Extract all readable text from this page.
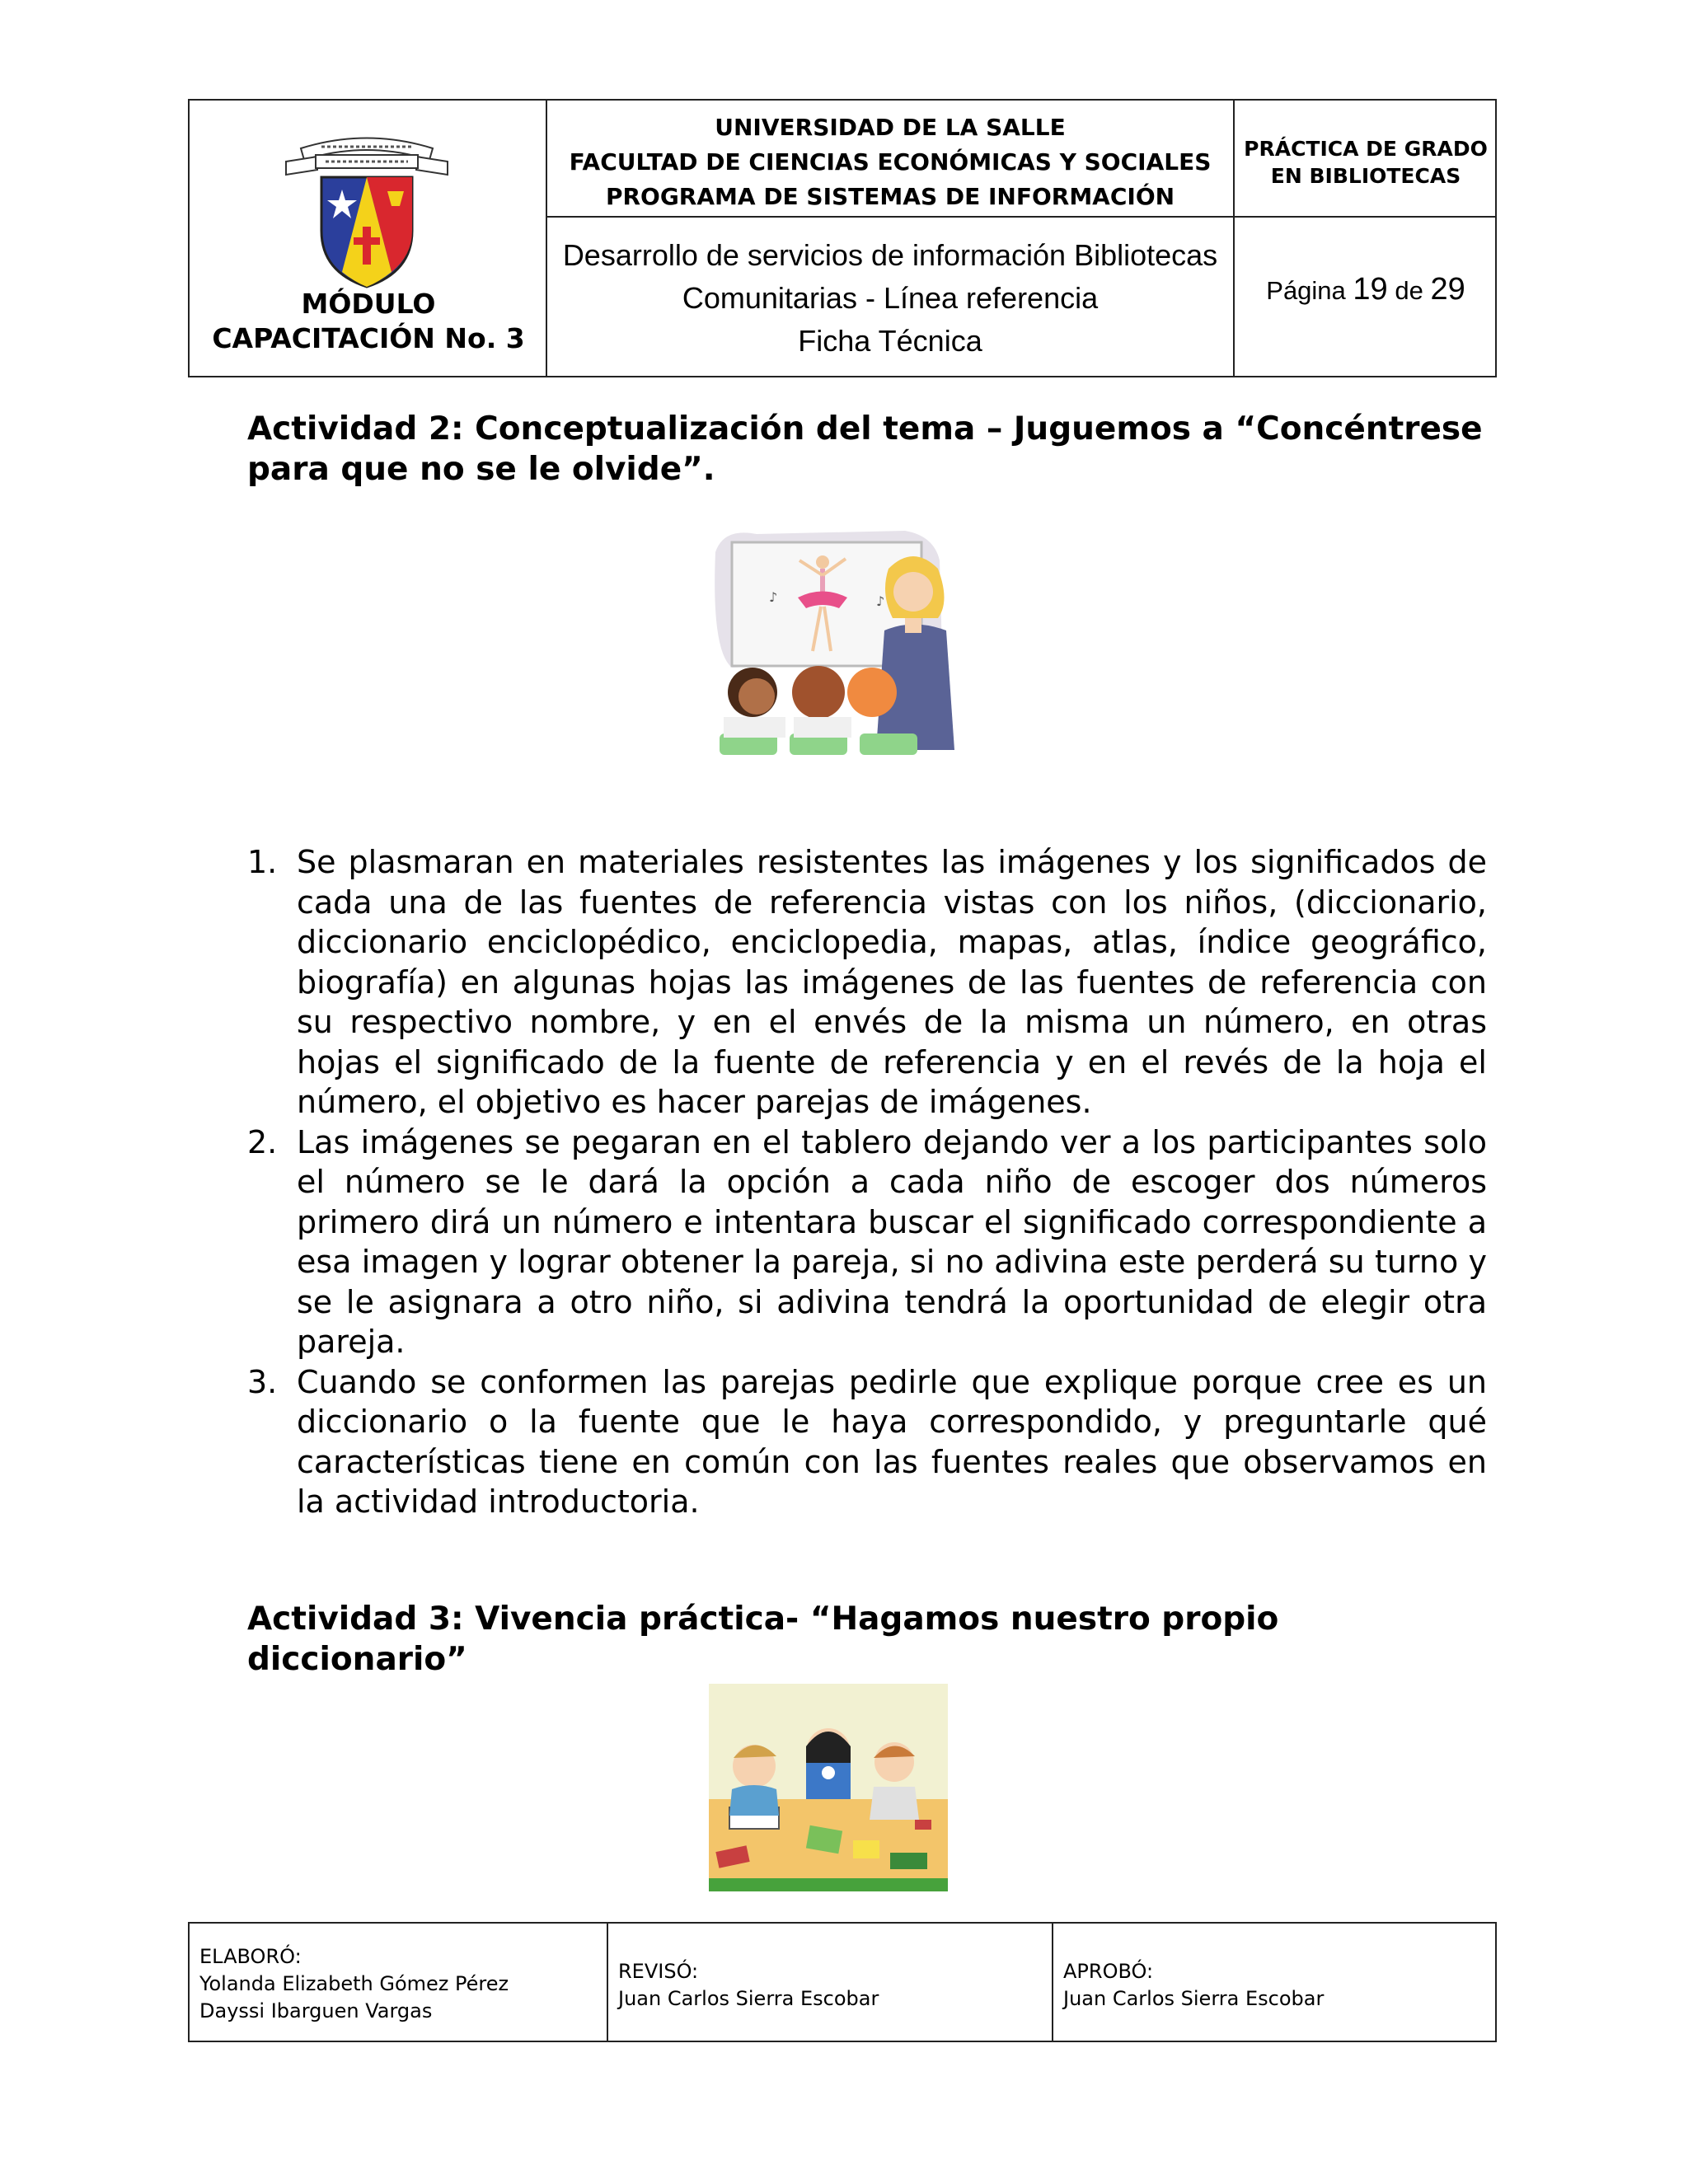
MÓDULO
CAPACITACIÓN No. 3
UNIVERSIDAD DE LA SALLE
FACULTAD DE CIENCIAS ECONÓMICAS Y SOCIALES
PROGRAMA DE SISTEMAS DE INFORMACIÓN
PRÁCTICA DE GRADO
EN BIBLIOTECAS
Desarrollo de servicios de información Bibliotecas
Comunitarias - Línea referencia
Ficha Técnica
Página 19 de 29
Actividad 2: Conceptualización del tema – Juguemos a “Concéntrese para que no se le olvide”.
♪	♪
1. Se plasmaran en materiales resistentes las imágenes y los significados de cada una de las fuentes de referencia vistas con los niños, (diccionario, diccionario enciclopédico, enciclopedia, mapas, atlas, índice geográfico, biografía) en algunas hojas las imágenes de las fuentes de referencia con su respectivo nombre, y en el envés de la misma un número, en otras hojas el significado de la fuente de referencia y en el revés de la hoja el número, el objetivo es hacer parejas de imágenes.
2. Las imágenes se pegaran en el tablero dejando ver a los participantes solo el número se le dará la opción a cada niño de escoger dos números primero dirá un número e intentara buscar el significado correspondiente a esa imagen y lograr obtener la pareja, si no adivina este perderá su turno y se le asignara a otro niño, si adivina tendrá la oportunidad de elegir otra pareja.
3. Cuando se conformen las parejas pedirle que explique porque cree es un diccionario o la fuente que le haya correspondido, y preguntarle qué características tiene en común con las fuentes reales que observamos en la actividad introductoria.
Actividad 3: Vivencia práctica- “Hagamos nuestro propio diccionario”
ELABORÓ:
Yolanda Elizabeth Gómez Pérez
Dayssi Ibarguen Vargas
REVISÓ:
Juan Carlos Sierra Escobar
APROBÓ:
Juan Carlos Sierra Escobar
